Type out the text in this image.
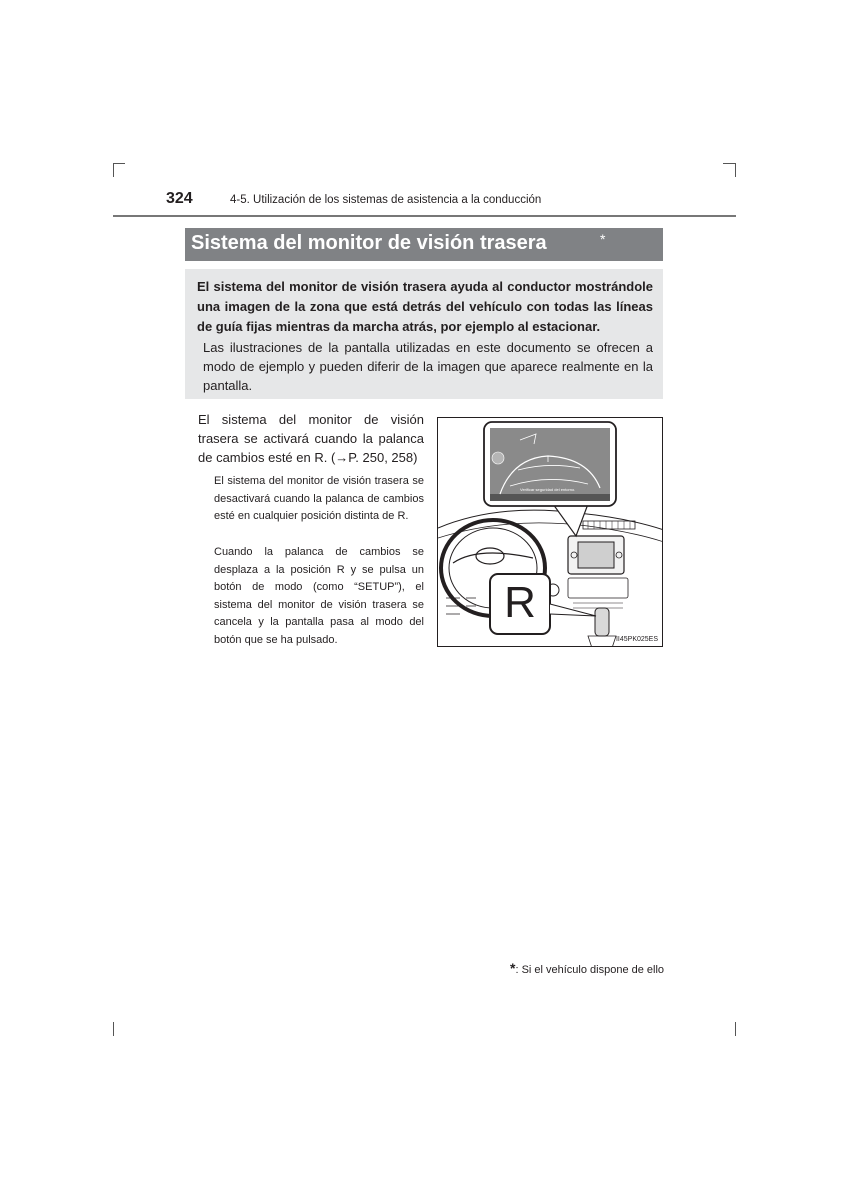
324	4-5. Utilización de los sistemas de asistencia a la conducción
Sistema del monitor de visión trasera	*
El sistema del monitor de visión trasera ayuda al conductor mostrándole una imagen de la zona que está detrás del vehículo con todas las líneas de guía fijas mientras da marcha atrás, por ejemplo al estacionar.
Las ilustraciones de la pantalla utilizadas en este documento se ofrecen a modo de ejemplo y pueden diferir de la imagen que aparece realmente en la pantalla.
El sistema del monitor de visión trasera se activará cuando la palanca de cambios esté en R. (→P. 250, 258)
El sistema del monitor de visión trasera se desactivará cuando la palanca de cambios esté en cualquier posición distinta de R.
Cuando la palanca de cambios se desplaza a la posición R y se pulsa un botón de modo (como “SETUP”), el sistema del monitor de visión trasera se cancela y la pantalla pasa al modo del botón que se ha pulsado.
Verificar seguridad del entorno.
R
II45PK025ES
*: Si el vehículo dispone de ello
